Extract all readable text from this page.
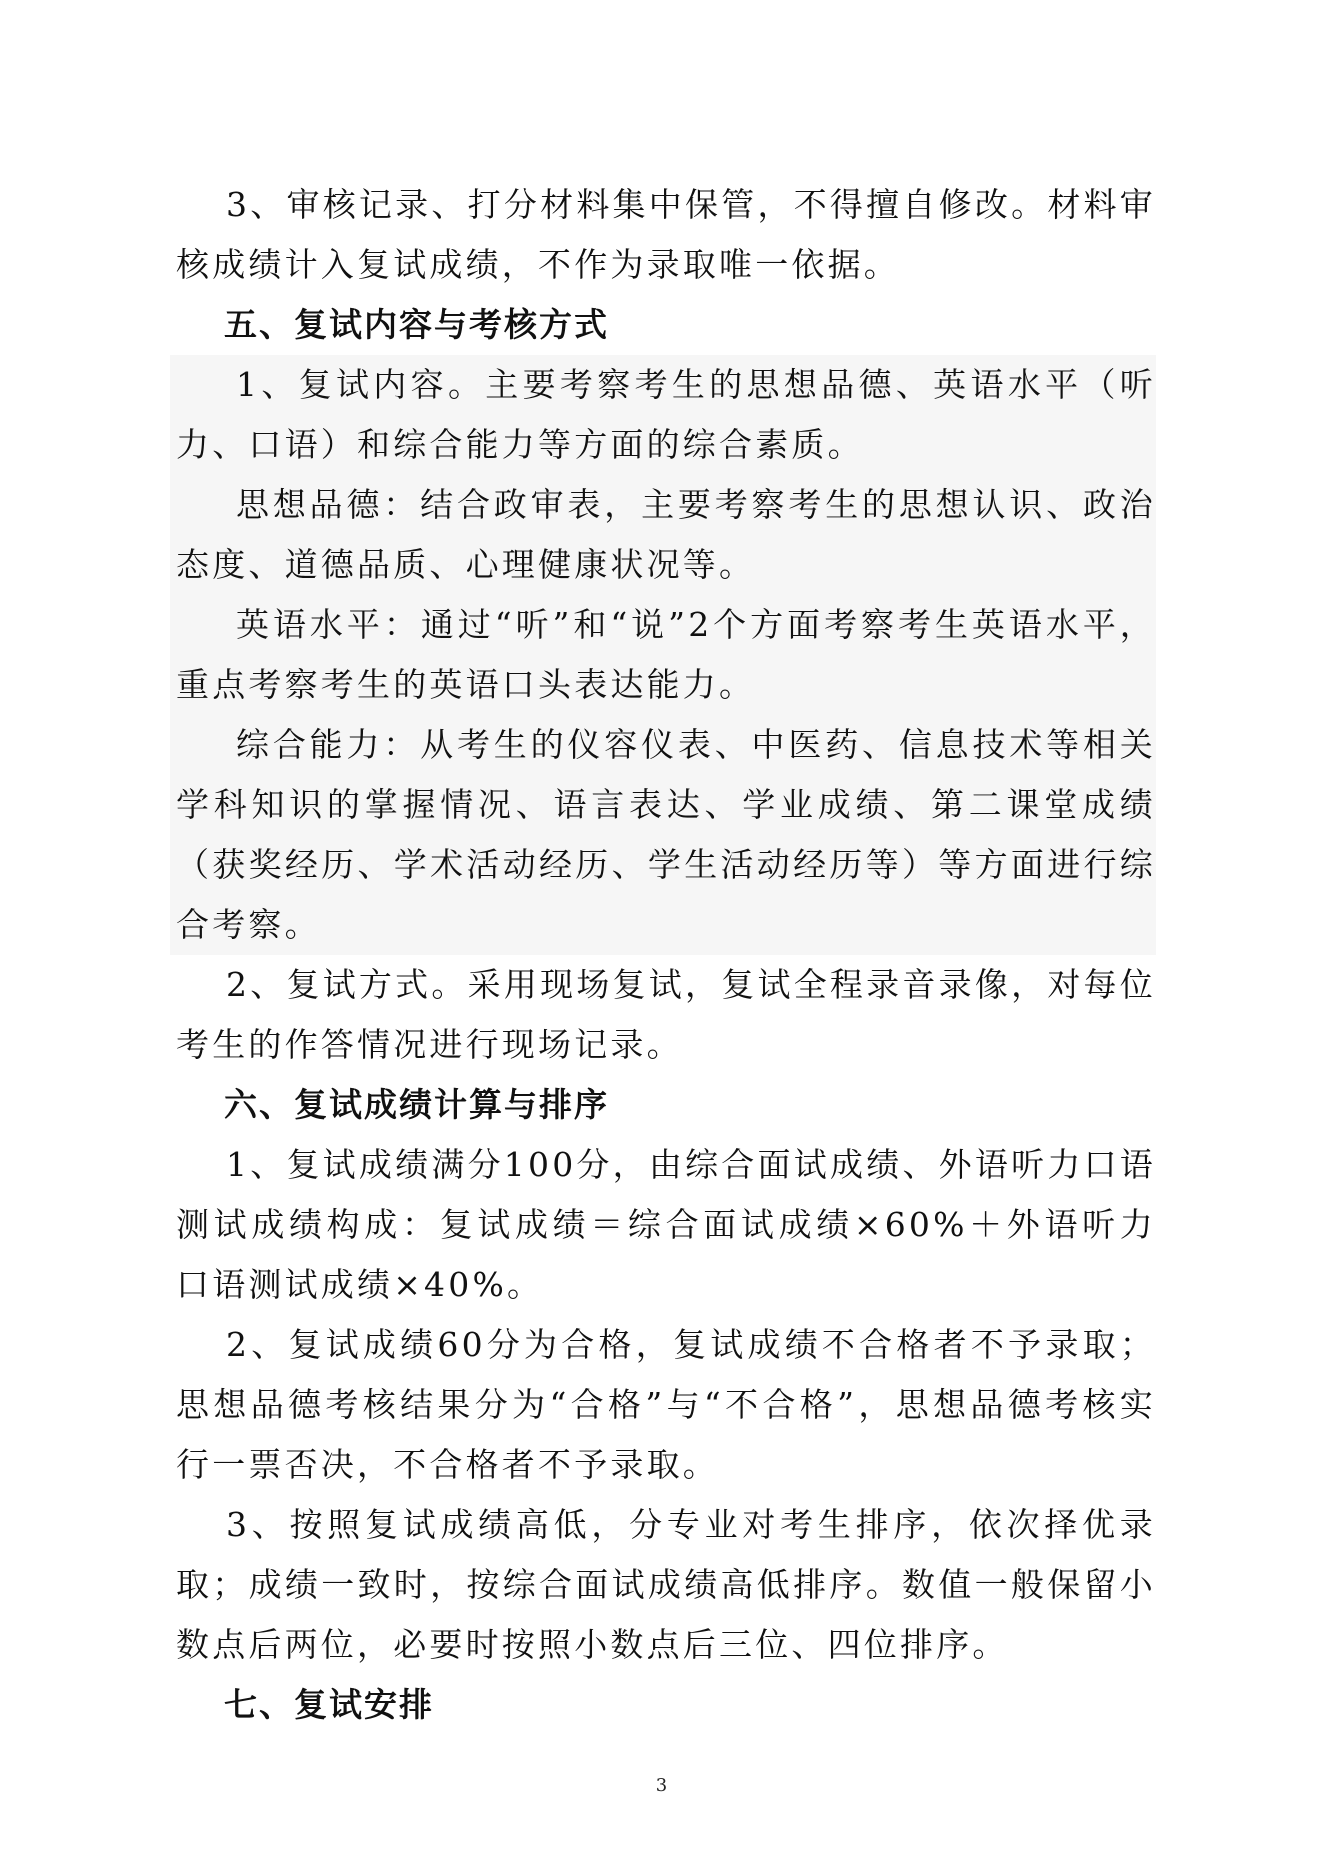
3、审核记录、打分材料集中保管，不得擅自修改。材料审核成绩计入复试成绩，不作为录取唯一依据。

五、复试内容与考核方式

1、复试内容。主要考察考生的思想品德、英语水平（听力、口语）和综合能力等方面的综合素质。

思想品德：结合政审表，主要考察考生的思想认识、政治态度、道德品质、心理健康状况等。

英语水平：通过“听”和“说”2个方面考察考生英语水平，重点考察考生的英语口头表达能力。

综合能力：从考生的仪容仪表、中医药、信息技术等相关学科知识的掌握情况、语言表达、学业成绩、第二课堂成绩（获奖经历、学术活动经历、学生活动经历等）等方面进行综合考察。

2、复试方式。采用现场复试，复试全程录音录像，对每位考生的作答情况进行现场记录。

六、复试成绩计算与排序

1、复试成绩满分100分，由综合面试成绩、外语听力口语测试成绩构成：复试成绩＝综合面试成绩×60%＋外语听力口语测试成绩×40%。

2、复试成绩60分为合格，复试成绩不合格者不予录取；思想品德考核结果分为“合格”与“不合格”，思想品德考核实行一票否决，不合格者不予录取。

3、按照复试成绩高低，分专业对考生排序，依次择优录取；成绩一致时，按综合面试成绩高低排序。数值一般保留小数点后两位，必要时按照小数点后三位、四位排序。

七、复试安排
3
